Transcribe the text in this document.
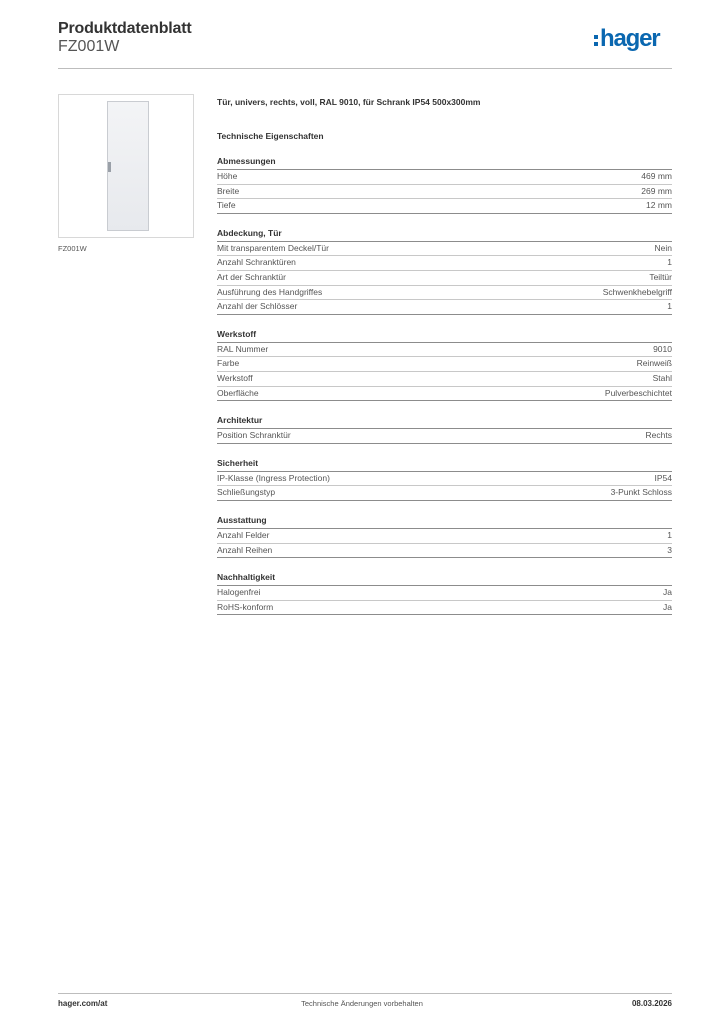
Produktdatenblatt
FZ001W	hager
FZ001W
Tür, univers, rechts, voll, RAL 9010, für Schrank IP54 500x300mm
Technische Eigenschaften
Abmessungen
Höhe	469 mm
Breite	269 mm
Tiefe	12 mm
Abdeckung, Tür
Mit transparentem Deckel/Tür	Nein
Anzahl Schranktüren	1
Art der Schranktür	Teiltür
Ausführung des Handgriffes	Schwenkhebelgriff
Anzahl der Schlösser	1
Werkstoff
RAL Nummer	9010
Farbe	Reinweiß
Werkstoff	Stahl
Oberfläche	Pulverbeschichtet
Architektur
Position Schranktür	Rechts
Sicherheit
IP-Klasse (Ingress Protection)	IP54
Schließungstyp	3-Punkt Schloss
Ausstattung
Anzahl Felder	1
Anzahl Reihen	3
Nachhaltigkeit
Halogenfrei	Ja
RoHS-konform	Ja
hager.com/at	Technische Änderungen vorbehalten	08.03.2026
